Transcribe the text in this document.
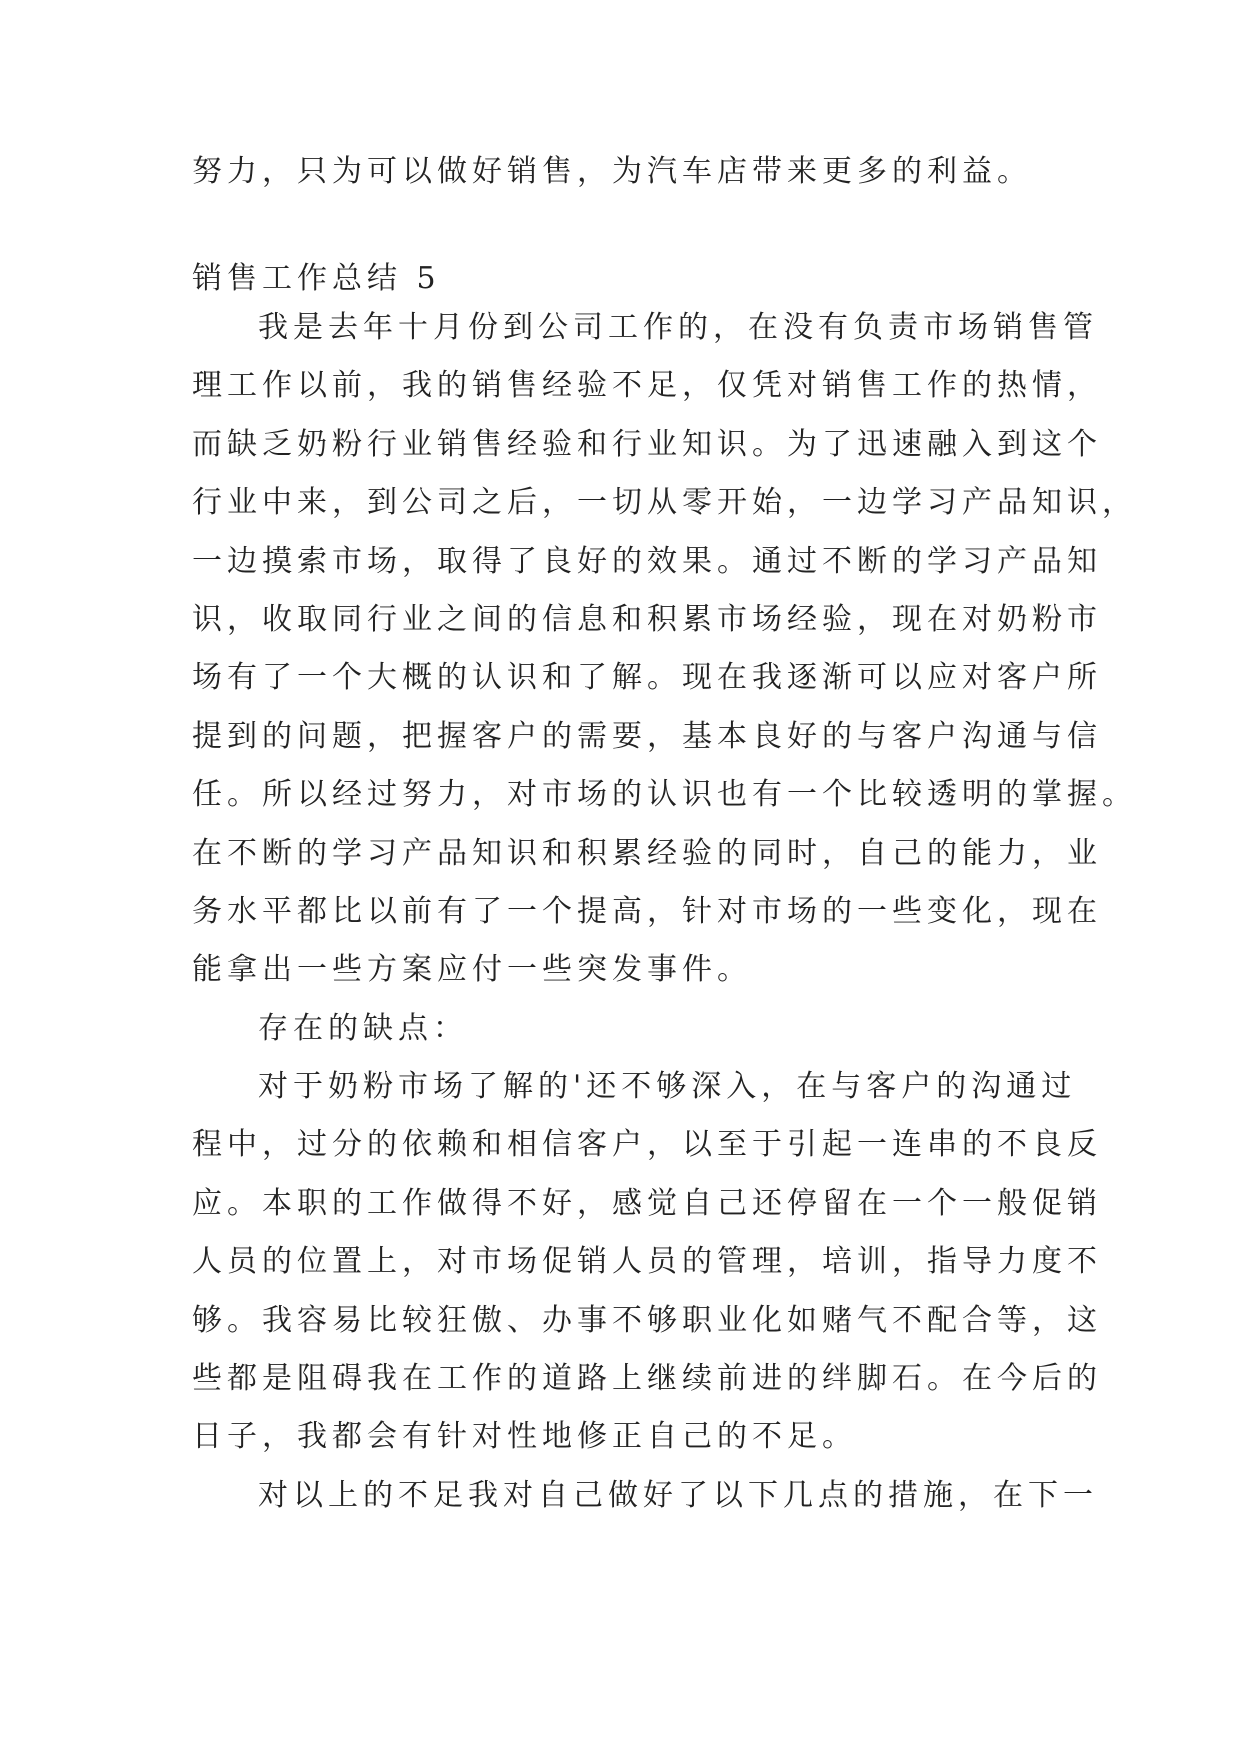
努力，只为可以做好销售，为汽车店带来更多的利益。
销售工作总结 5
我是去年十月份到公司工作的，在没有负责市场销售管
理工作以前，我的销售经验不足，仅凭对销售工作的热情，
而缺乏奶粉行业销售经验和行业知识。为了迅速融入到这个
行业中来，到公司之后，一切从零开始，一边学习产品知识，
一边摸索市场，取得了良好的效果。通过不断的学习产品知
识，收取同行业之间的信息和积累市场经验，现在对奶粉市
场有了一个大概的认识和了解。现在我逐渐可以应对客户所
提到的问题，把握客户的需要，基本良好的与客户沟通与信
任。所以经过努力，对市场的认识也有一个比较透明的掌握。
在不断的学习产品知识和积累经验的同时，自己的能力，业
务水平都比以前有了一个提高，针对市场的一些变化，现在
能拿出一些方案应付一些突发事件。
存在的缺点：
对于奶粉市场了解的'还不够深入，在与客户的沟通过
程中，过分的依赖和相信客户，以至于引起一连串的不良反
应。本职的工作做得不好，感觉自己还停留在一个一般促销
人员的位置上，对市场促销人员的管理，培训，指导力度不
够。我容易比较狂傲、办事不够职业化如赌气不配合等，这
些都是阻碍我在工作的道路上继续前进的绊脚石。在今后的
日子，我都会有针对性地修正自己的不足。
对以上的不足我对自己做好了以下几点的措施，在下一
